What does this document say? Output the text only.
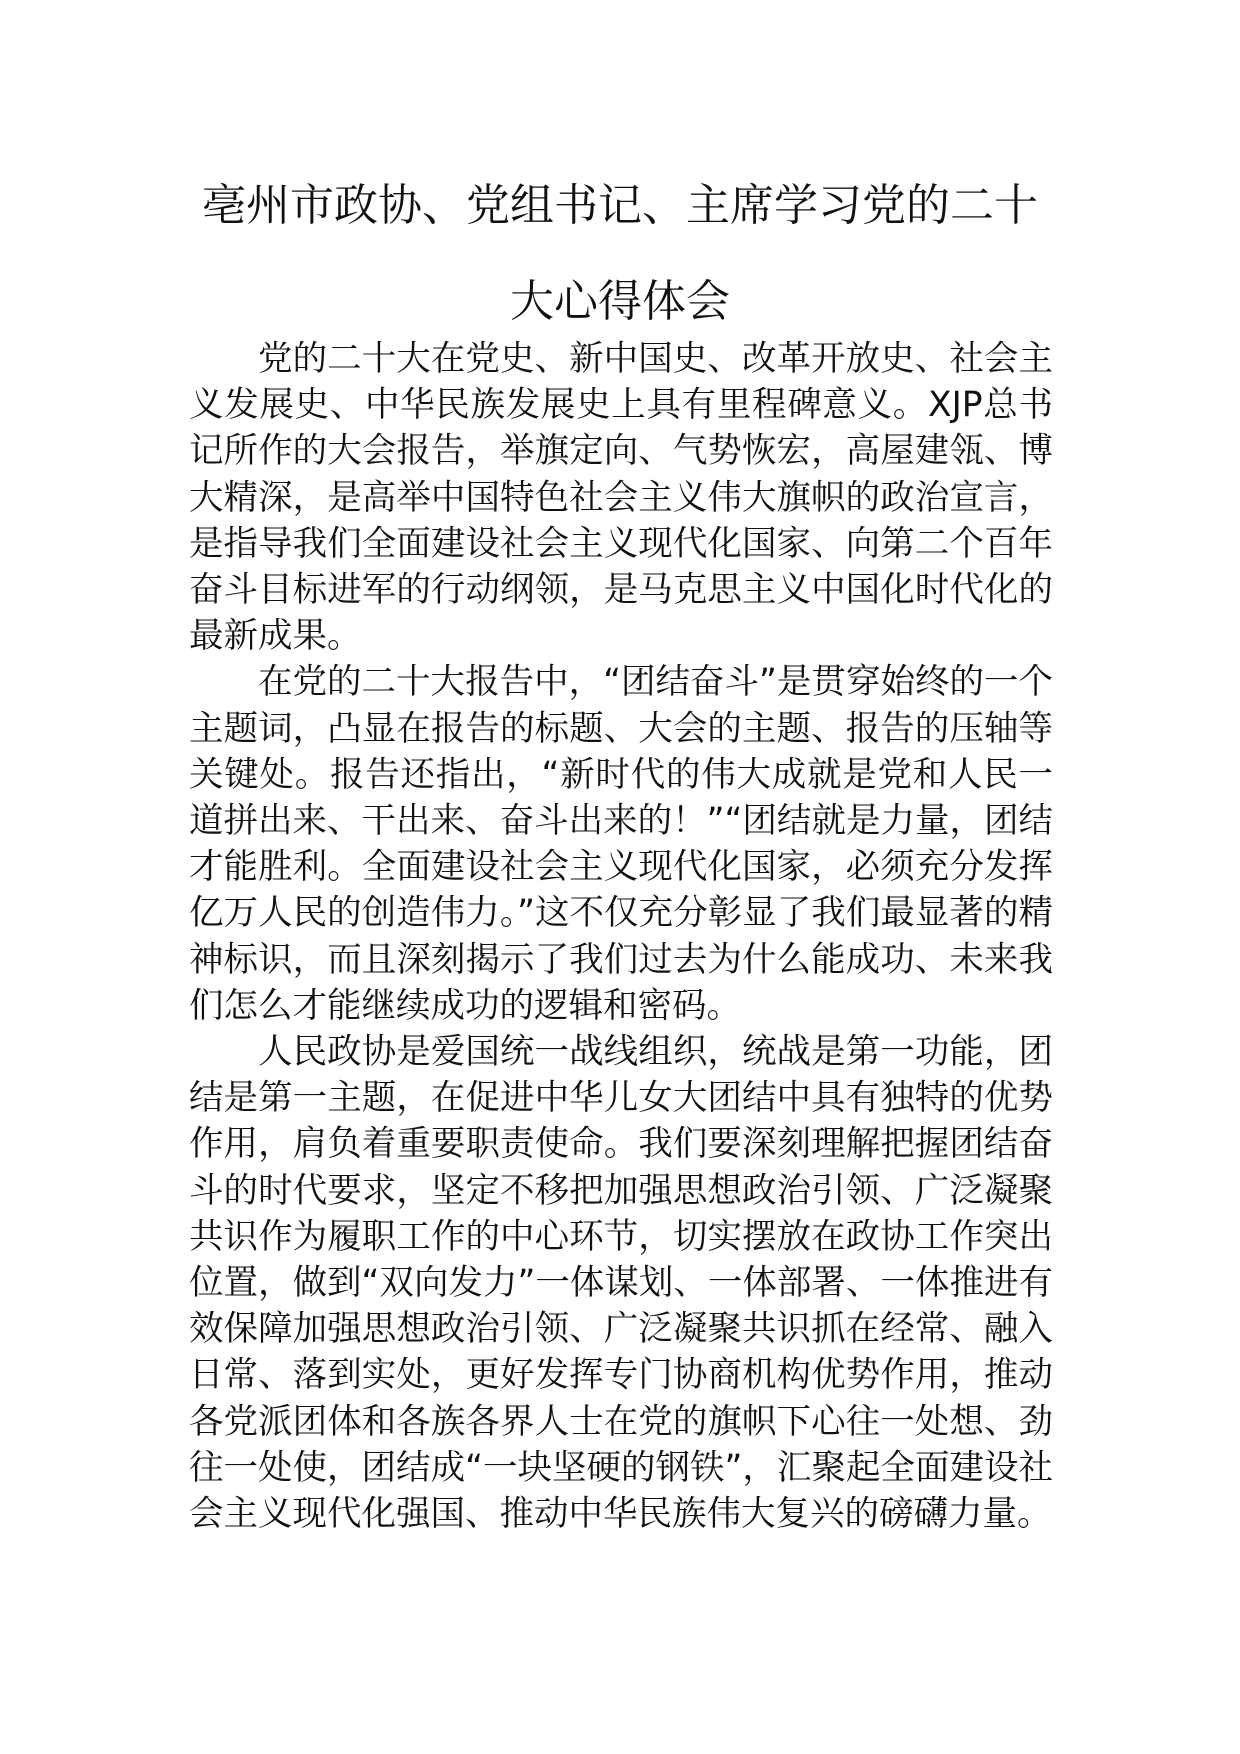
亳州市政协、党组书记、主席学习党的二十大心得体会

党的二十大在党史、新中国史、改革开放史、社会主义发展史、中华民族发展史上具有里程碑意义。XJP总书记所作的大会报告，举旗定向、气势恢宏，高屋建瓴、博大精深，是高举中国特色社会主义伟大旗帜的政治宣言，是指导我们全面建设社会主义现代化国家、向第二个百年奋斗目标进军的行动纲领，是马克思主义中国化时代化的最新成果。

在党的二十大报告中，“团结奋斗”是贯穿始终的一个主题词，凸显在报告的标题、大会的主题、报告的压轴等关键处。报告还指出，“新时代的伟大成就是党和人民一道拼出来、干出来、奋斗出来的！”“团结就是力量，团结才能胜利。全面建设社会主义现代化国家，必须充分发挥亿万人民的创造伟力。”这不仅充分彰显了我们最显著的精神标识，而且深刻揭示了我们过去为什么能成功、未来我们怎么才能继续成功的逻辑和密码。

人民政协是爱国统一战线组织，统战是第一功能，团结是第一主题，在促进中华儿女大团结中具有独特的优势作用，肩负着重要职责使命。我们要深刻理解把握团结奋斗的时代要求，坚定不移把加强思想政治引领、广泛凝聚共识作为履职工作的中心环节，切实摆放在政协工作突出位置，做到“双向发力”一体谋划、一体部署、一体推进有效保障加强思想政治引领、广泛凝聚共识抓在经常、融入日常、落到实处，更好发挥专门协商机构优势作用，推动各党派团体和各族各界人士在党的旗帜下心往一处想、劲往一处使，团结成“一块坚硬的钢铁”，汇聚起全面建设社会主义现代化强国、推动中华民族伟大复兴的磅礴力量。
